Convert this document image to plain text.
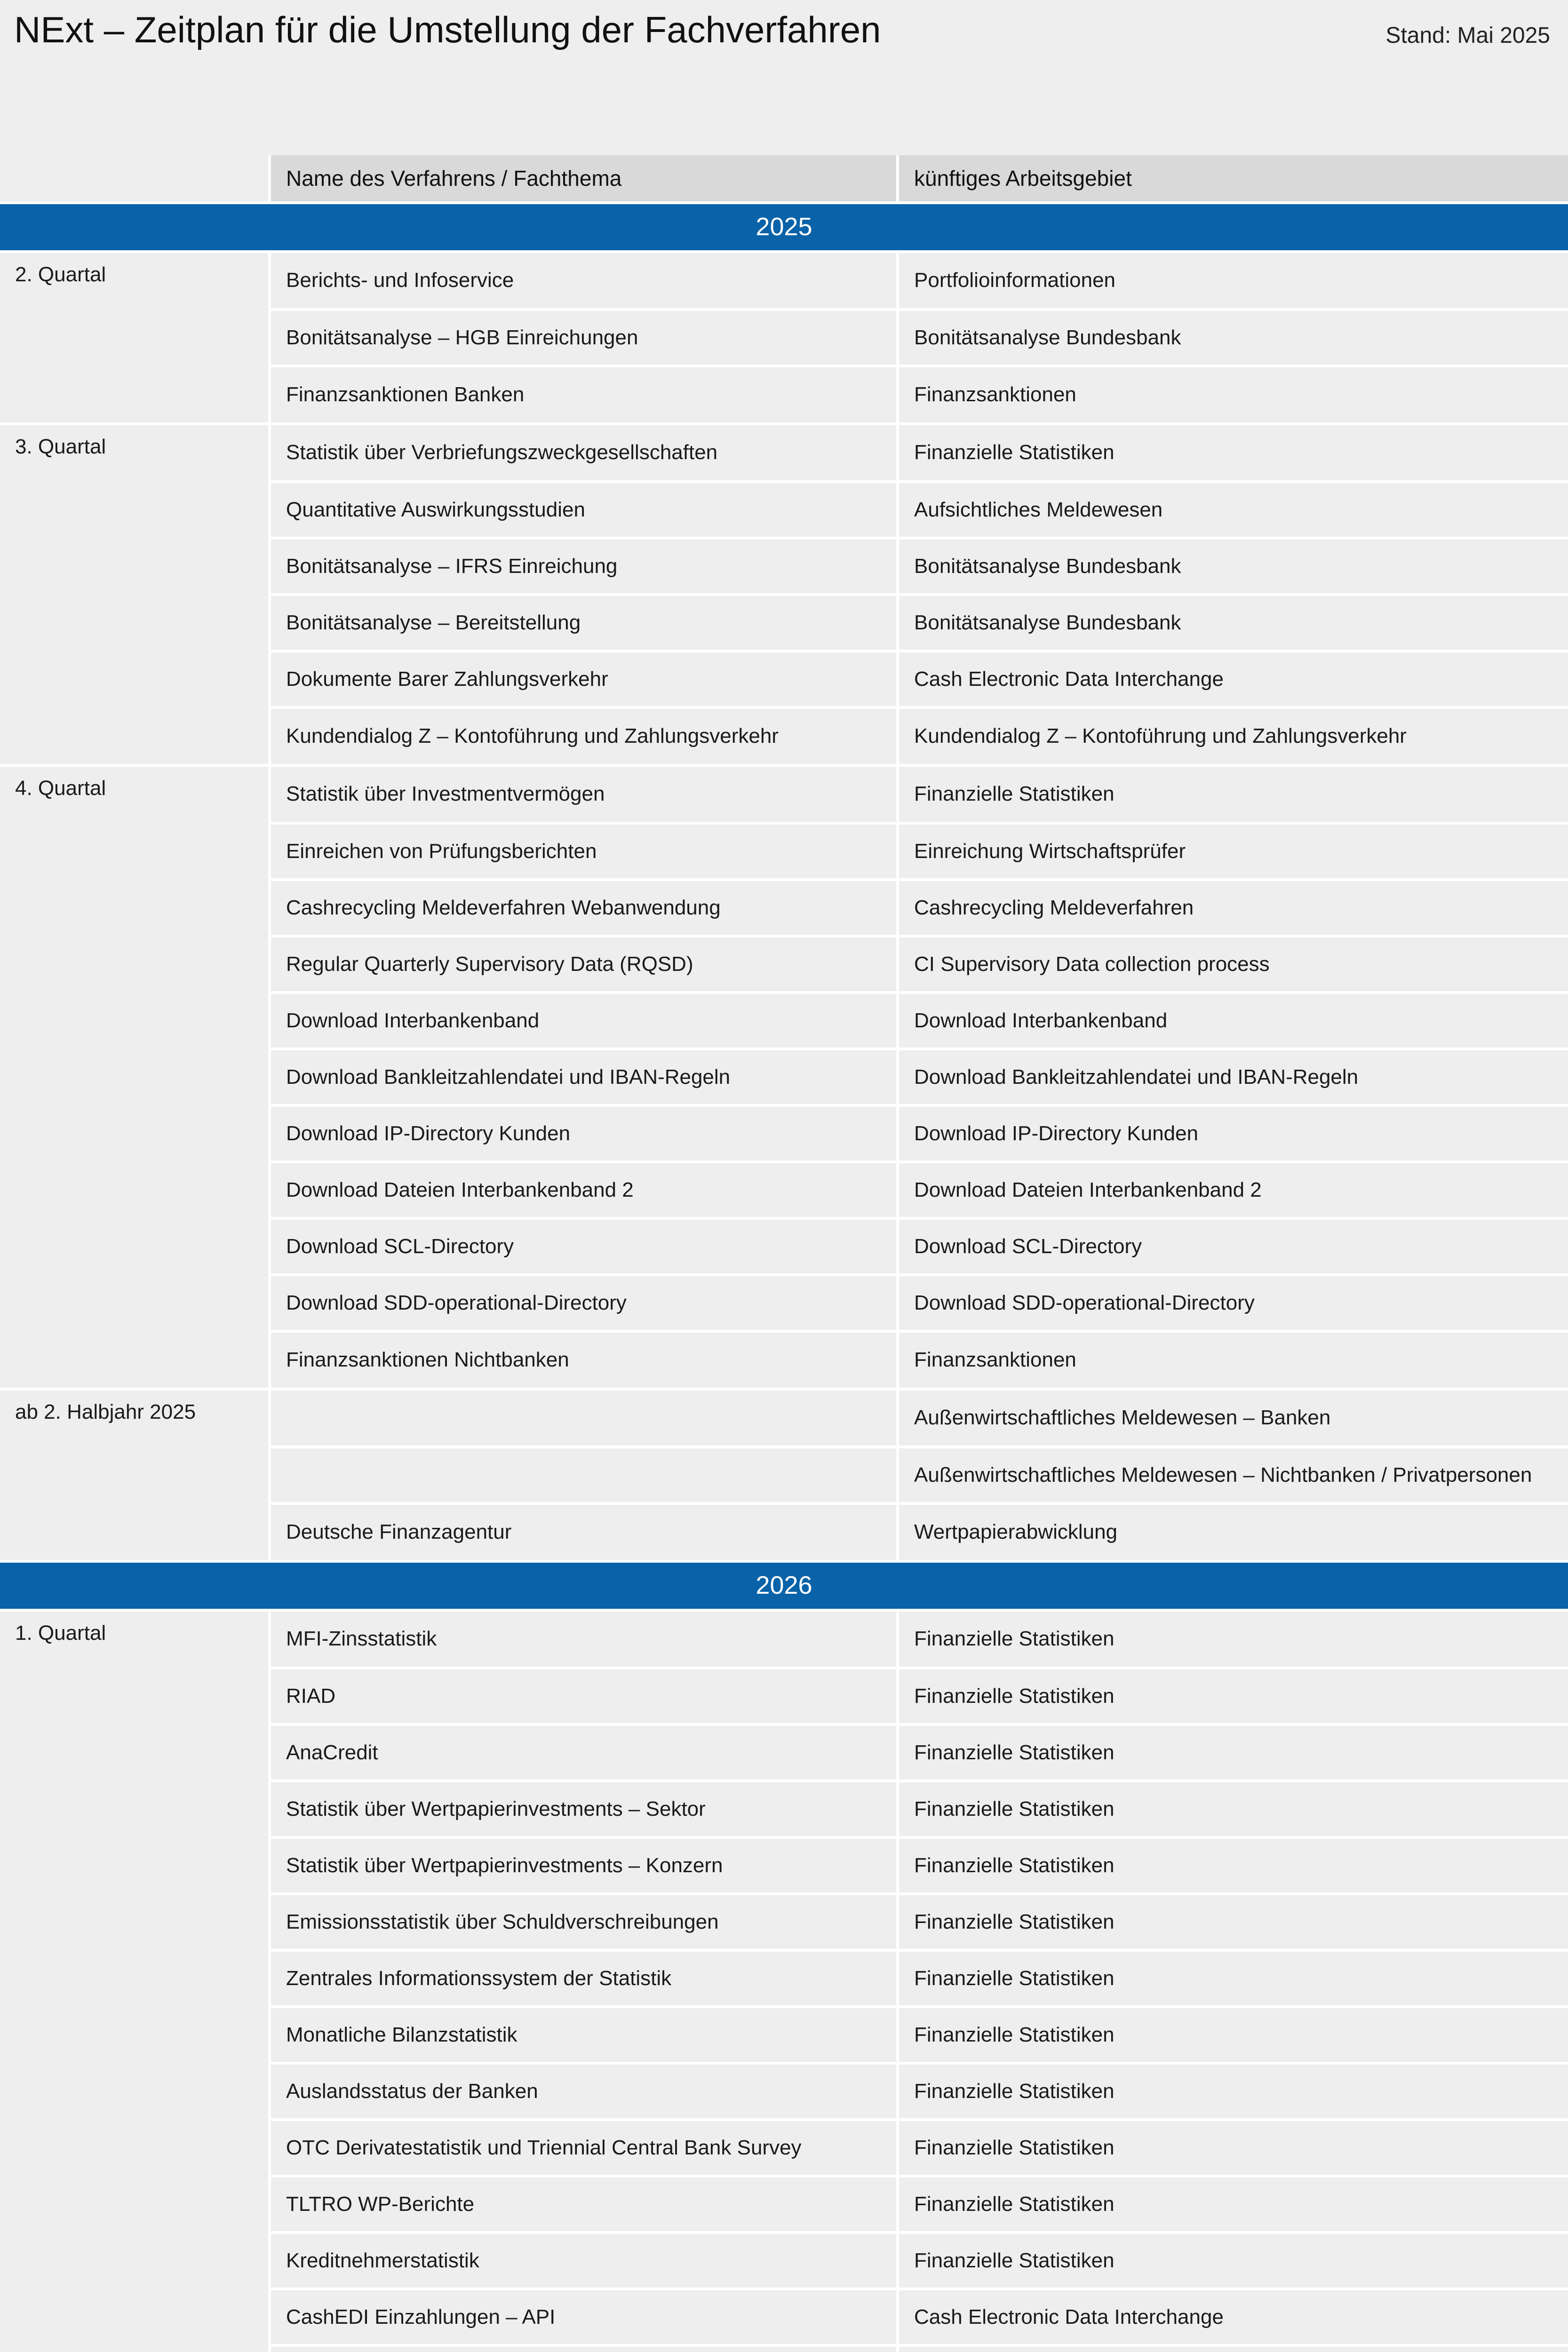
NExt – Zeitplan für die Umstellung der Fachverfahren	Stand: Mai 2025
	Name des Verfahrens / Fachthema	künftiges Arbeitsgebiet
2025		
2. Quartal	Berichts- und Infoservice	Portfolioinformationen
	Bonitätsanalyse – HGB Einreichungen	Bonitätsanalyse Bundesbank
	Finanzsanktionen Banken	Finanzsanktionen
3. Quartal	Statistik über Verbriefungszweckgesellschaften	Finanzielle Statistiken
	Quantitative Auswirkungsstudien	Aufsichtliches Meldewesen
	Bonitätsanalyse – IFRS Einreichung	Bonitätsanalyse Bundesbank
	Bonitätsanalyse – Bereitstellung	Bonitätsanalyse Bundesbank
	Dokumente Barer Zahlungsverkehr	Cash Electronic Data Interchange
	Kundendialog Z – Kontoführung und Zahlungsverkehr	Kundendialog Z – Kontoführung und Zahlungsverkehr
4. Quartal	Statistik über Investmentvermögen	Finanzielle Statistiken
	Einreichen von Prüfungsberichten	Einreichung Wirtschaftsprüfer
	Cashrecycling Meldeverfahren Webanwendung	Cashrecycling Meldeverfahren
	Regular Quarterly Supervisory Data (RQSD)	CI Supervisory Data collection process
	Download Interbankenband	Download Interbankenband
	Download Bankleitzahlendatei und IBAN-Regeln	Download Bankleitzahlendatei und IBAN-Regeln
	Download IP-Directory Kunden	Download IP-Directory Kunden
	Download Dateien Interbankenband 2	Download Dateien Interbankenband 2
	Download SCL-Directory	Download SCL-Directory
	Download SDD-operational-Directory	Download SDD-operational-Directory
	Finanzsanktionen Nichtbanken	Finanzsanktionen
ab 2. Halbjahr 2025		Außenwirtschaftliches Meldewesen – Banken
		Außenwirtschaftliches Meldewesen – Nichtbanken / Privatpersonen
	Deutsche Finanzagentur	Wertpapierabwicklung
2026		
1. Quartal	MFI-Zinsstatistik	Finanzielle Statistiken
	RIAD	Finanzielle Statistiken
	AnaCredit	Finanzielle Statistiken
	Statistik über Wertpapierinvestments – Sektor	Finanzielle Statistiken
	Statistik über Wertpapierinvestments – Konzern	Finanzielle Statistiken
	Emissionsstatistik über Schuldverschreibungen	Finanzielle Statistiken
	Zentrales Informationssystem der Statistik	Finanzielle Statistiken
	Monatliche Bilanzstatistik	Finanzielle Statistiken
	Auslandsstatus der Banken	Finanzielle Statistiken
	OTC Derivatestatistik und Triennial Central Bank Survey	Finanzielle Statistiken
	TLTRO WP-Berichte	Finanzielle Statistiken
	Kreditnehmerstatistik	Finanzielle Statistiken
	CashEDI Einzahlungen – API	Cash Electronic Data Interchange
